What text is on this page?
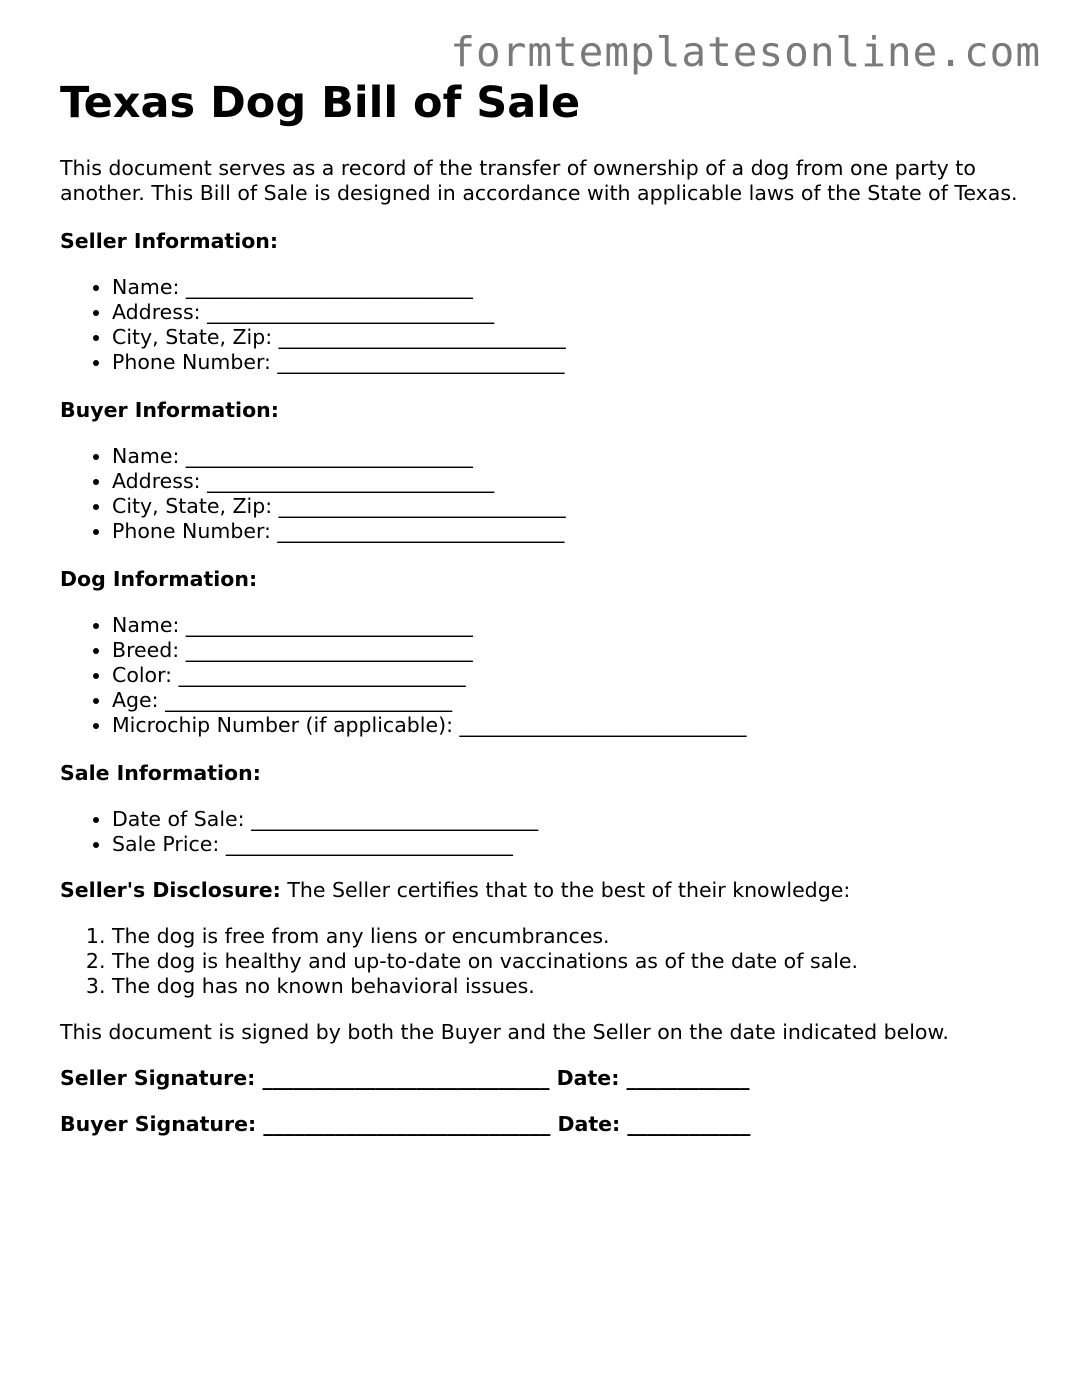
formtemplatesonline.com
Texas Dog Bill of Sale

This document serves as a record of the transfer of ownership of a dog from one party to another. This Bill of Sale is designed in accordance with applicable laws of the State of Texas.

Seller Information:

• Name: ____________________________
• Address: ____________________________
• City, State, Zip: ____________________________
• Phone Number: ____________________________

Buyer Information:

• Name: ____________________________
• Address: ____________________________
• City, State, Zip: ____________________________
• Phone Number: ____________________________

Dog Information:

• Name: ____________________________
• Breed: ____________________________
• Color: ____________________________
• Age: ____________________________
• Microchip Number (if applicable): ____________________________

Sale Information:

• Date of Sale: ____________________________
• Sale Price: ____________________________

Seller's Disclosure: The Seller certifies that to the best of their knowledge:

1. The dog is free from any liens or encumbrances.
2. The dog is healthy and up-to-date on vaccinations as of the date of sale.
3. The dog has no known behavioral issues.

This document is signed by both the Buyer and the Seller on the date indicated below.

Seller Signature: ____________________________ Date: ____________

Buyer Signature: ____________________________ Date: ____________
